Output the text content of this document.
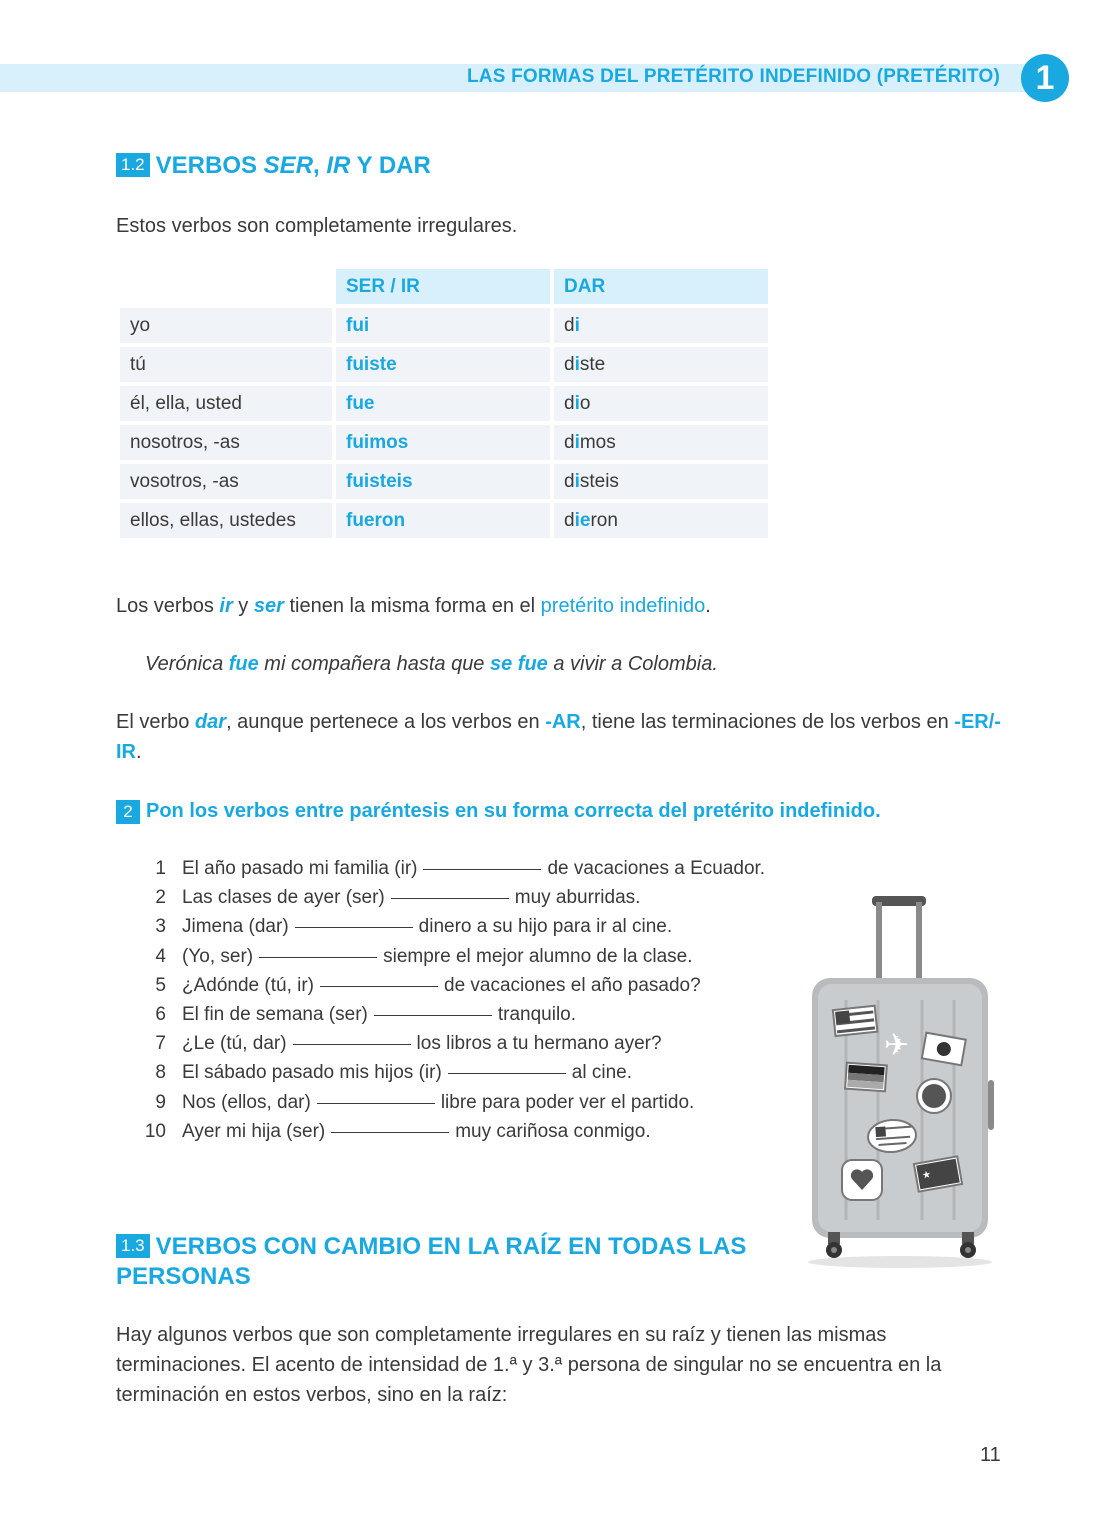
LAS FORMAS DEL PRETÉRITO INDEFINIDO (PRETÉRITO)	1
1.2 VERBOS SER, IR Y DAR
Estos verbos son completamente irregulares.
	SER / IR	DAR
yo	fui	di
tú	fuiste	diste
él, ella, usted	fue	dio
nosotros, -as	fuimos	dimos
vosotros, -as	fuisteis	disteis
ellos, ellas, ustedes	fueron	dieron
Los verbos ir y ser tienen la misma forma en el pretérito indefinido.
Verónica fue mi compañera hasta que se fue a vivir a Colombia.
El verbo dar, aunque pertenece a los verbos en -AR, tiene las terminaciones de los verbos en -ER/-IR.
2 Pon los verbos entre paréntesis en su forma correcta del pretérito indefinido.
1 El año pasado mi familia (ir)	de vacaciones a Ecuador.
2 Las clases de ayer (ser)	muy aburridas.
3 Jimena (dar)	dinero a su hijo para ir al cine.
4 (Yo, ser)	siempre el mejor alumno de la clase.
5 ¿Adónde (tú, ir)	de vacaciones el año pasado?
6 El fin de semana (ser)	tranquilo.
7 ¿Le (tú, dar)	los libros a tu hermano ayer?
8 El sábado pasado mis hijos (ir)	al cine.
9 Nos (ellos, dar)	libre para poder ver el partido.
10 Ayer mi hija (ser)	muy cariñosa conmigo.
✈
★
1.3 VERBOS CON CAMBIO EN LA RAÍZ EN TODAS LAS
PERSONAS
Hay algunos verbos que son completamente irregulares en su raíz y tienen las mismas terminaciones. El acento de intensidad de 1.ª y 3.ª persona de singular no se encuentra en la terminación en estos verbos, sino en la raíz:
11
